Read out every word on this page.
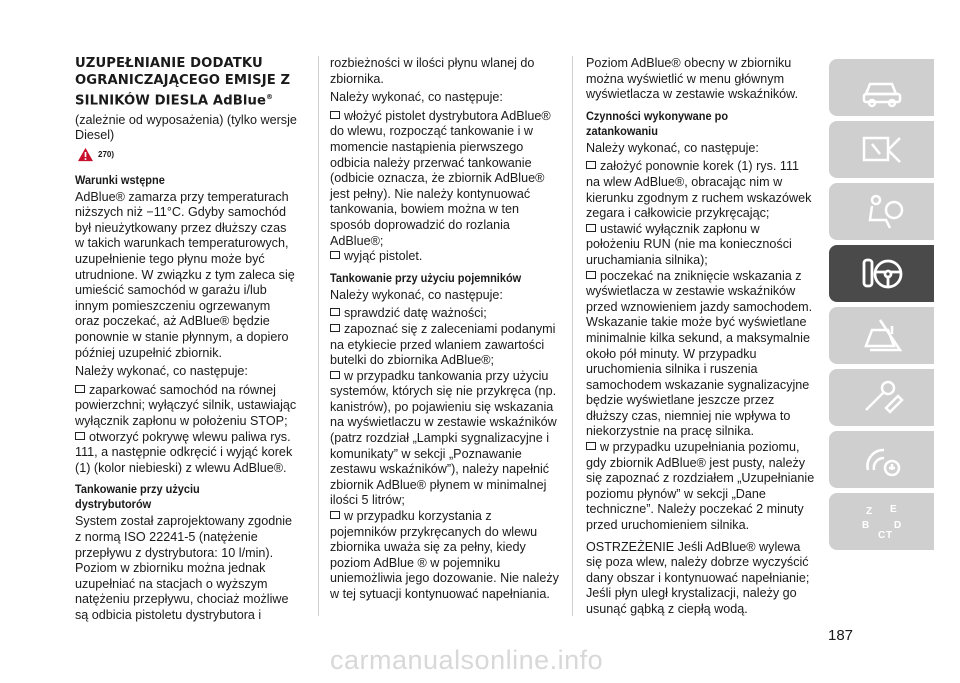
UZUPEŁNIANIE DODATKU OGRANICZAJĄCEGO EMISJE Z SILNIKÓW DIESLA AdBlue®

(zależnie od wyposażenia) (tylko wersje Diesel)

270)
Warunki wstępne

AdBlue® zamarza przy temperaturach niższych niż −11°C. Gdyby samochód był nieużytkowany przez dłuższy czas w takich warunkach temperaturowych, uzupełnienie tego płynu może być utrudnione. W związku z tym zaleca się umieścić samochód w garażu i/lub innym pomieszczeniu ogrzewanym oraz poczekać, aż AdBlue® będzie ponownie w stanie płynnym, a dopiero później uzupełnić zbiornik.

Należy wykonać, co następuje:

zaparkować samochód na równej powierzchni; wyłączyć silnik, ustawiając wyłącznik zapłonu w położeniu STOP;

otworzyć pokrywę wlewu paliwa rys. 111, a następnie odkręcić i wyjąć korek (1) (kolor niebieski) z wlewu AdBlue®.

Tankowanie przy użyciu dystrybutorów

System został zaprojektowany zgodnie z normą ISO 22241-5 (natężenie przepływu z dystrybutora: 10 l/min). Poziom w zbiorniku można jednak uzupełniać na stacjach o wyższym natężeniu przepływu, chociaż możliwe są odbicia pistoletu dystrybutora i

rozbieżności w ilości płynu wlanej do zbiornika.

Należy wykonać, co następuje:

włożyć pistolet dystrybutora AdBlue® do wlewu, rozpocząć tankowanie i w momencie nastąpienia pierwszego odbicia należy przerwać tankowanie (odbicie oznacza, że zbiornik AdBlue® jest pełny). Nie należy kontynuować tankowania, bowiem można w ten sposób doprowadzić do rozlania AdBlue®;

wyjąć pistolet.

Tankowanie przy użyciu pojemników

Należy wykonać, co następuje:

sprawdzić datę ważności;

zapoznać się z zaleceniami podanymi na etykiecie przed wlaniem zawartości butelki do zbiornika AdBlue®;

w przypadku tankowania przy użyciu systemów, których się nie przykręca (np. kanistrów), po pojawieniu się wskazania na wyświetlaczu w zestawie wskaźników (patrz rozdział „Lampki sygnalizacyjne i komunikaty” w sekcji „Poznawanie zestawu wskaźników”), należy napełnić zbiornik AdBlue® płynem w minimalnej ilości 5 litrów;

w przypadku korzystania z pojemników przykręcanych do wlewu zbiornika uważa się za pełny, kiedy poziom AdBlue ® w pojemniku uniemożliwia jego dozowanie. Nie należy w tej sytuacji kontynuować napełniania.

Poziom AdBlue® obecny w zbiorniku można wyświetlić w menu głównym wyświetlacza w zestawie wskaźników.

Czynności wykonywane po zatankowaniu

Należy wykonać, co następuje:

założyć ponownie korek (1) rys. 111 na wlew AdBlue®, obracając nim w kierunku zgodnym z ruchem wskazówek zegara i całkowicie przykręcając;

ustawić wyłącznik zapłonu w położeniu RUN (nie ma konieczności uruchamiania silnika);

poczekać na zniknięcie wskazania z wyświetlacza w zestawie wskaźników przed wznowieniem jazdy samochodem. Wskazanie takie może być wyświetlane minimalnie kilka sekund, a maksymalnie około pół minuty. W przypadku uruchomienia silnika i ruszenia samochodem wskazanie sygnalizacyjne będzie wyświetlane jeszcze przez dłuższy czas, niemniej nie wpływa to niekorzystnie na pracę silnika.

w przypadku uzupełniania poziomu, gdy zbiornik AdBlue® jest pusty, należy się zapoznać z rozdziałem „Uzupełnianie poziomu płynów” w sekcji „Dane techniczne”. Należy poczekać 2 minuty przed uruchomieniem silnika.

OSTRZEŻENIE Jeśli AdBlue® wylewa się poza wlew, należy dobrze wyczyścić dany obszar i kontynuować napełnianie; Jeśli płyn uległ krystalizacji, należy go usunąć gąbką z ciepłą wodą.

Z E
B
C T
D
187
carmanualsonline.info
